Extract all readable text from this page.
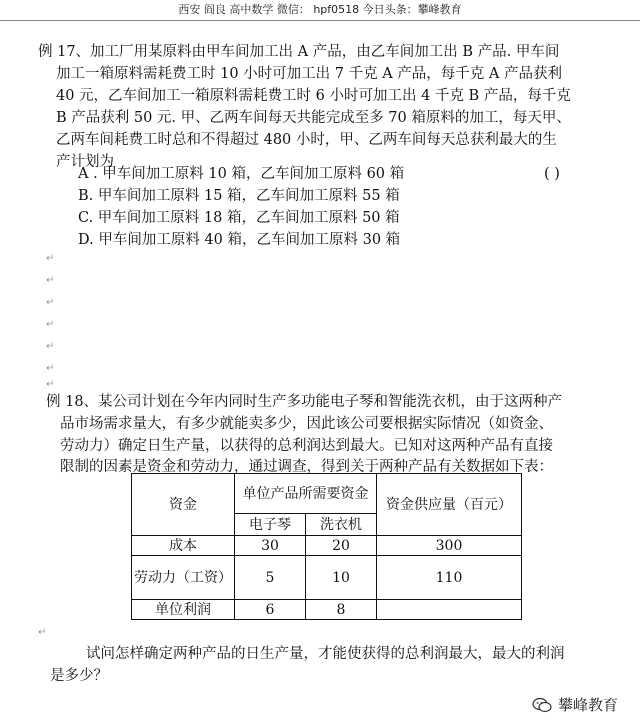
西安 阎良 高中数学 微信： hpf0518 今日头条：攀峰教育
例 17、加工厂用某原料由甲车间加工出 A 产品，由乙车间加工出 B 产品. 甲车间
加工一箱原料需耗费工时 10 小时可加工出 7 千克 A 产品，每千克 A 产品获利
40 元，乙车间加工一箱原料需耗费工时 6 小时可加工出 4 千克 B 产品，每千克
B 产品获利 50 元. 甲、乙两车间每天共能完成至多 70 箱原料的加工，每天甲、
乙两车间耗费工时总和不得超过 480 小时，甲、乙两车间每天总获利最大的生
产计划为
A . 甲车间加工原料 10 箱，乙车间加工原料 60 箱	( )
B. 甲车间加工原料 15 箱，乙车间加工原料 55 箱
C. 甲车间加工原料 18 箱，乙车间加工原料 50 箱
D. 甲车间加工原料 40 箱，乙车间加工原料 30 箱
↵
↵
↵
↵
↵
↵
↵
例 18、某公司计划在今年内同时生产多功能电子琴和智能洗衣机，由于这两种产
品市场需求量大，有多少就能卖多少，因此该公司要根据实际情况（如资金、
劳动力）确定日生产量，以获得的总利润达到最大。已知对这两种产品有直接
限制的因素是资金和劳动力，通过调查，得到关于两种产品有关数据如下表：
资金	单位产品所需要资金		资金供应量（百元）
	电子琴	洗衣机	
成本	30	20	300
劳动力（工资）	5	10	110
单位利润	6	8	
↵
试问怎样确定两种产品的日生产量，才能使获得的总利润最大，最大的利润
是多少？
攀峰教育
